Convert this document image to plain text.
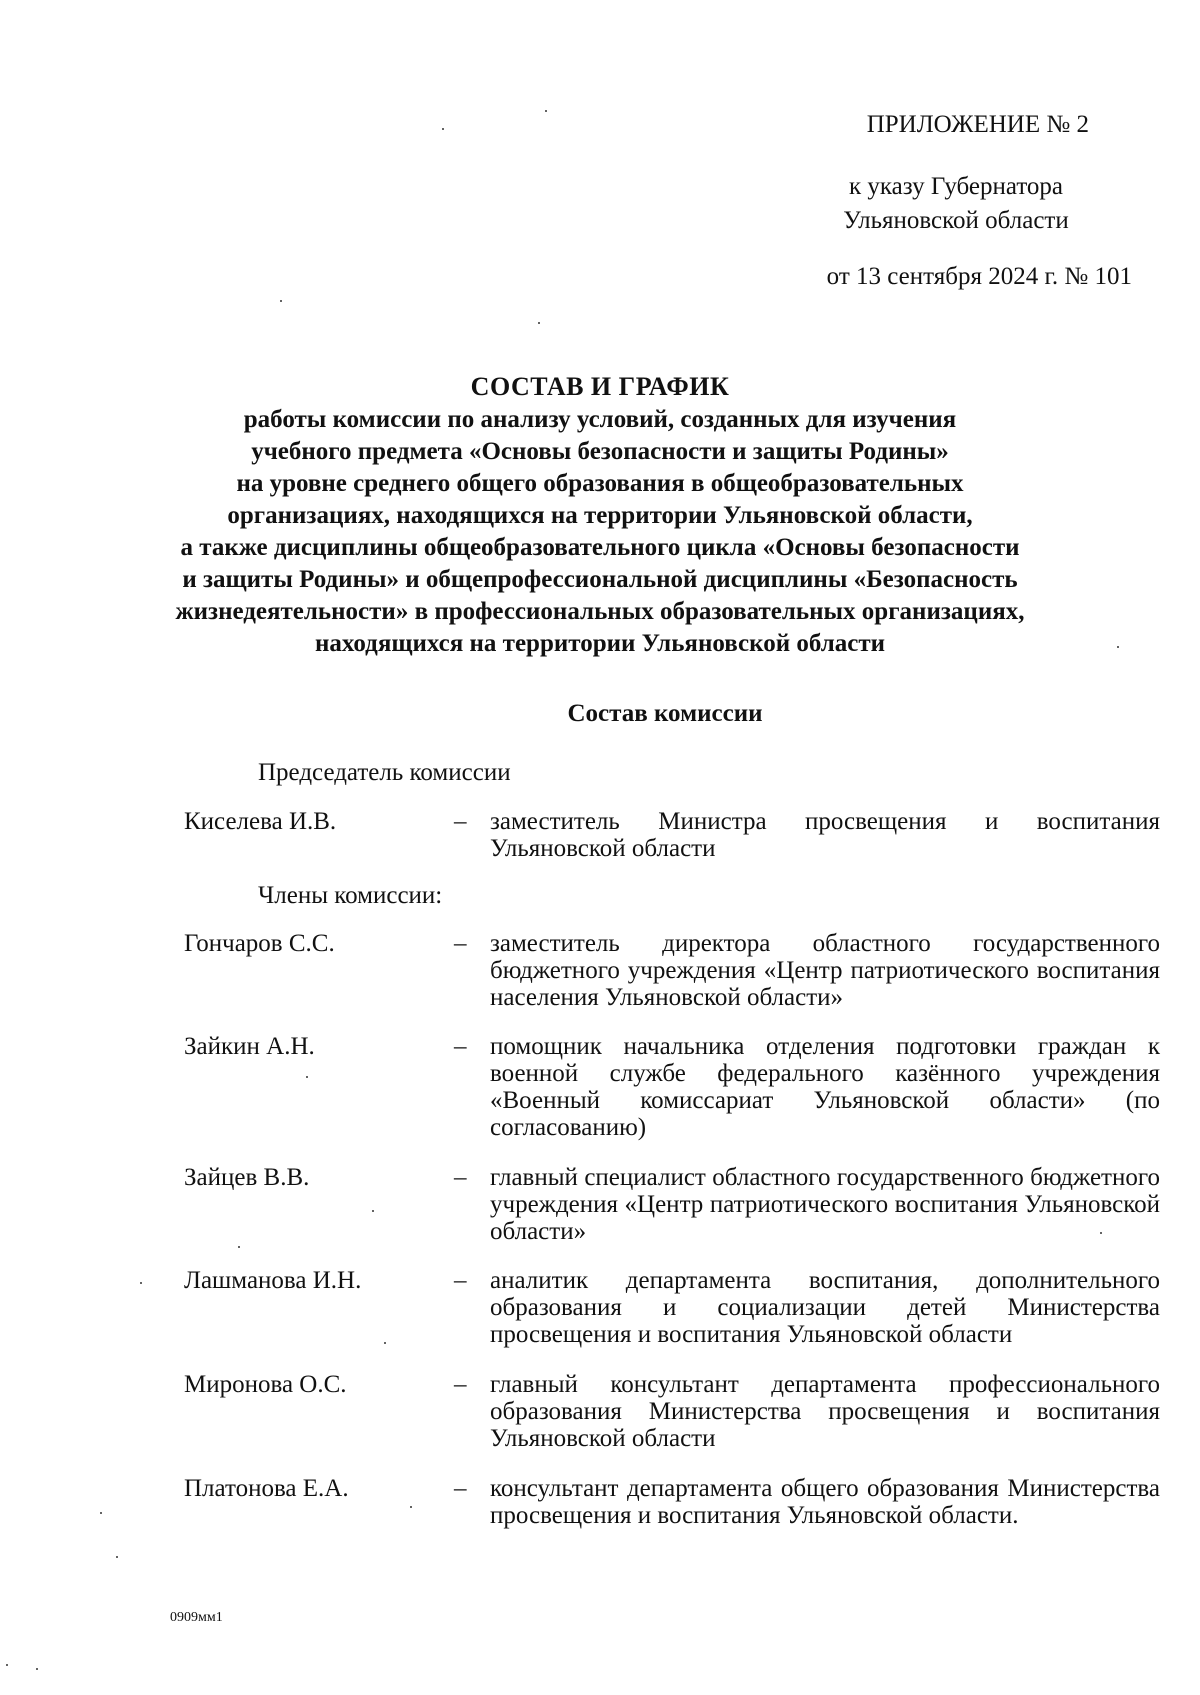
ПРИЛОЖЕНИЕ № 2
к указу Губернатора
Ульяновской области
от 13 сентября 2024 г. № 101
СОСТАВ И ГРАФИК
работы комиссии по анализу условий, созданных для изучения
учебного предмета «Основы безопасности и защиты Родины»
на уровне среднего общего образования в общеобразовательных
организациях, находящихся на территории Ульяновской области,
а также дисциплины общеобразовательного цикла «Основы безопасности
и защиты Родины» и общепрофессиональной дисциплины «Безопасность
жизнедеятельности» в профессиональных образовательных организациях,
находящихся на территории Ульяновской области
Состав комиссии
Председатель комиссии
Киселева И.В.	– заместитель Министра просвещения и воспитания Ульяновской области
Члены комиссии:
Гончаров С.С.	– заместитель директора областного государственного бюджетного учреждения «Центр патриотического воспитания населения Ульяновской области»
Зайкин А.Н.	– помощник начальника отделения подготовки граждан к военной службе федерального казённого учреждения «Военный комиссариат Ульяновской области» (по согласованию)
Зайцев В.В.	– главный специалист областного государственного бюджетного учреждения «Центр патриотического воспитания Ульяновской области»
Лашманова И.Н.	– аналитик департамента воспитания, дополнительного образования и социализации детей Министерства просвещения и воспитания Ульяновской области
Миронова О.С.	– главный консультант департамента профессионального образования Министерства просвещения и воспитания Ульяновской области
Платонова Е.А.	– консультант департамента общего образования Министерства просвещения и воспитания Ульяновской области.
0909мм1
